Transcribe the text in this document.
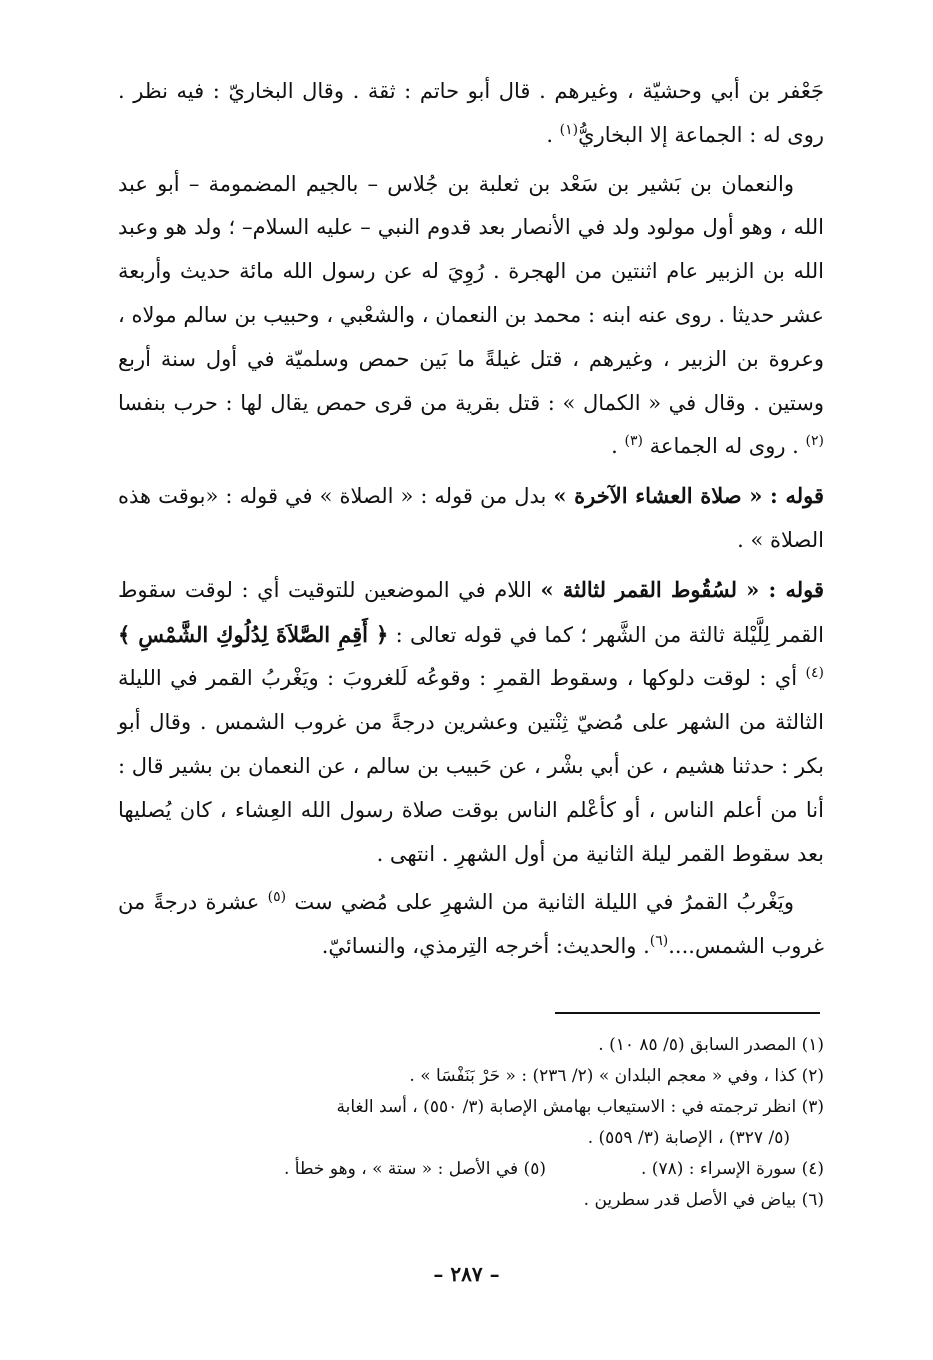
جَعْفر بن أبي وحشيّة ، وغيرهم . قال أبو حاتم : ثقة . وقال البخاريّ : فيه نظر . روى له : الجماعة إلا البخاريُّ$^{(١)}$ .

والنعمان بن بَشير بن سَعْد بن ثعلبة بن جُلاس – بالجيم المضمومة – أبو عبد الله ، وهو أول مولود ولد في الأنصار بعد قدوم النبي – عليه السلام– ؛ ولد هو وعبد الله بن الزبير عام اثنتين من الهجرة . رُوِيَ له عن رسول الله مائة حديث وأربعة عشر حديثا . روى عنه ابنه : محمد بن النعمان ، والشعْبي ، وحبيب بن سالم مولاه ، وعروة بن الزبير ، وغيرهم ، قتل غيلةً ما بَين حمص وسلميّة في أول سنة أربع وستين . وقال في « الكمال » : قتل بقرية من قرى حمص يقال لها : حرب بنفسا $^{(٢)}$ . روى له الجماعة $^{(٣)}$ .

قوله : « صلاة العشاء الآخرة » بدل من قوله : « الصلاة » في قوله : «بوقت هذه الصلاة » .

قوله : « لسُقُوط القمر لثالثة » اللام في الموضعين للتوقيت أي : لوقت سقوط القمر لِلَّيْلة ثالثة من الشَّهر ؛ كما في قوله تعالى : ﴿ أَقِمِ الصَّلاَةَ لِدُلُوكِ الشَّمْسِ ﴾$^{(٤)}$ أي : لوقت دلوكها ، وسقوط القمرِ : وقوعُه لَلغروبَ : ويَغْربُ القمر في الليلة الثالثة من الشهر على مُضيّ ثِنْتين وعشرين درجةً من غروب الشمس . وقال أبو بكر : حدثنا هشيم ، عن أبي بشْر ، عن حَبيب بن سالم ، عن النعمان بن بشير قال : أنا من أعلم الناس ، أو كأعْلم الناس بوقت صلاة رسول الله العِشاء ، كان يُصليها بعد سقوط القمر ليلة الثانية من أول الشهرِ . انتهى .

ويَغْربُ القمرُ في الليلة الثانية من الشهرِ على مُضي ست $^{(٥)}$ عشرة درجةً من غروب الشمس....$^{(٦)}$. والحديث: أخرجه التِرمذي، والنسائيّ.

(١) المصدر السابق (٥/ ٨٥ ١٠) .

(٢) كذا ، وفي « معجم البلدان » (٢/ ٢٣٦) : « حَرْ بَنَفْسَا » .

(٣) انظر ترجمته في : الاستيعاب بهامش الإصابة (٣/ ٥٥٠) ، أسد الغابة

(٥/ ٣٢٧) ، الإصابة (٣/ ٥٥٩) .

(٤) سورة الإسراء : (٧٨) .
(٥) في الأصل : « ستة » ، وهو خطأ .

(٦) بياض في الأصل قدر سطرين .

– ٢٨٧ –
